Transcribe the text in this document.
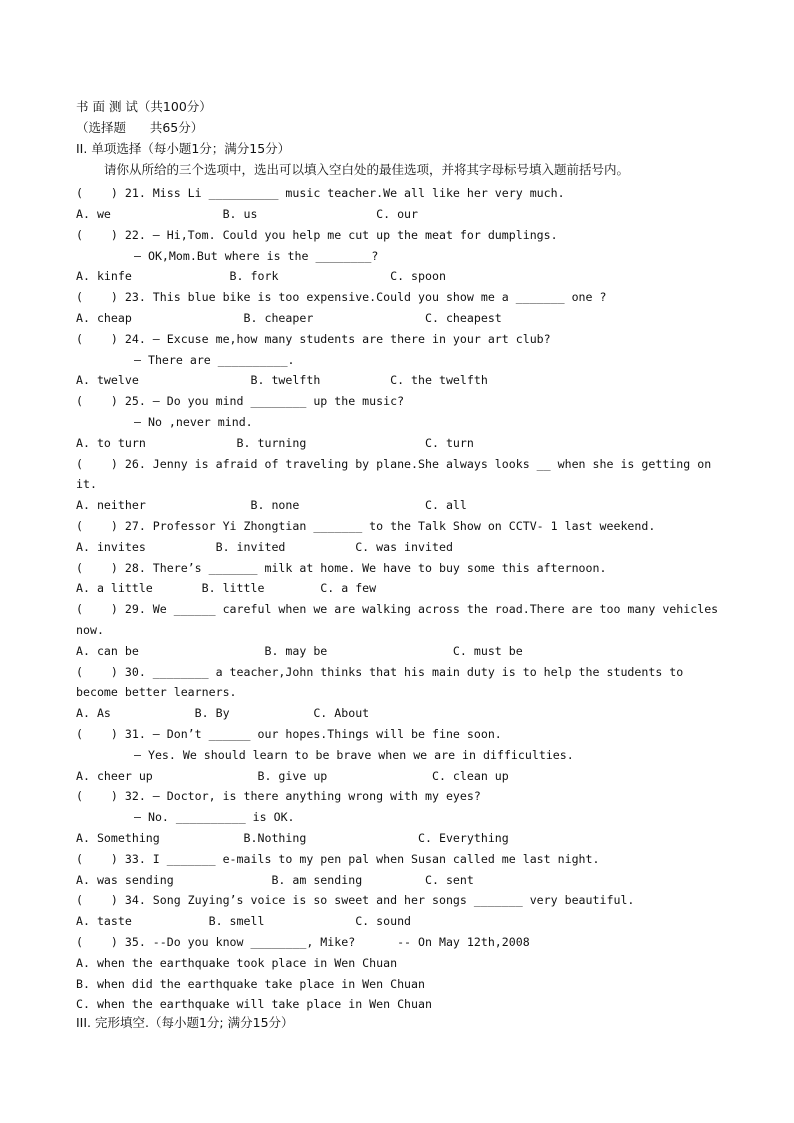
书 面 测 试（共100分）
（选择题      共65分）
II. 单项选择（每小题1分；满分15分）
请你从所给的三个选项中，选出可以填入空白处的最佳选项，并将其字母标号填入题前括号内。
(    ) 21. Miss Li __________ music teacher.We all like her very much.
A. we                B. us                 C. our
(    ) 22. – Hi,Tom. Could you help me cut up the meat for dumplings.
– OK,Mom.But where is the ________?
A. kinfe              B. fork                C. spoon
(    ) 23. This blue bike is too expensive.Could you show me a _______ one ?
A. cheap                B. cheaper                C. cheapest
(    ) 24. – Excuse me,how many students are there in your art club?
– There are __________.
A. twelve                B. twelfth          C. the twelfth
(    ) 25. – Do you mind ________ up the music?
– No ,never mind.
A. to turn             B. turning                 C. turn
(    ) 26. Jenny is afraid of traveling by plane.She always looks __ when she is getting on
it.
A. neither               B. none                  C. all
(    ) 27. Professor Yi Zhongtian _______ to the Talk Show on CCTV- 1 last weekend.
A. invites          B. invited          C. was invited
(    ) 28. There’s _______ milk at home. We have to buy some this afternoon.
A. a little       B. little        C. a few
(    ) 29. We ______ careful when we are walking across the road.There are too many vehicles
now.
A. can be                  B. may be                  C. must be
(    ) 30. ________ a teacher,John thinks that his main duty is to help the students to
become better learners.
A. As            B. By            C. About
(    ) 31. – Don’t ______ our hopes.Things will be fine soon.
– Yes. We should learn to be brave when we are in difficulties.
A. cheer up               B. give up               C. clean up
(    ) 32. – Doctor, is there anything wrong with my eyes?
– No. __________ is OK.
A. Something            B.Nothing                C. Everything
(    ) 33. I _______ e-mails to my pen pal when Susan called me last night.
A. was sending              B. am sending         C. sent
(    ) 34. Song Zuying’s voice is so sweet and her songs _______ very beautiful.
A. taste           B. smell             C. sound
(    ) 35. --Do you know ________, Mike?      -- On May 12th,2008
A. when the earthquake took place in Wen Chuan
B. when did the earthquake take place in Wen Chuan
C. when the earthquake will take place in Wen Chuan
III. 完形填空.（每小题1分; 满分15分）
